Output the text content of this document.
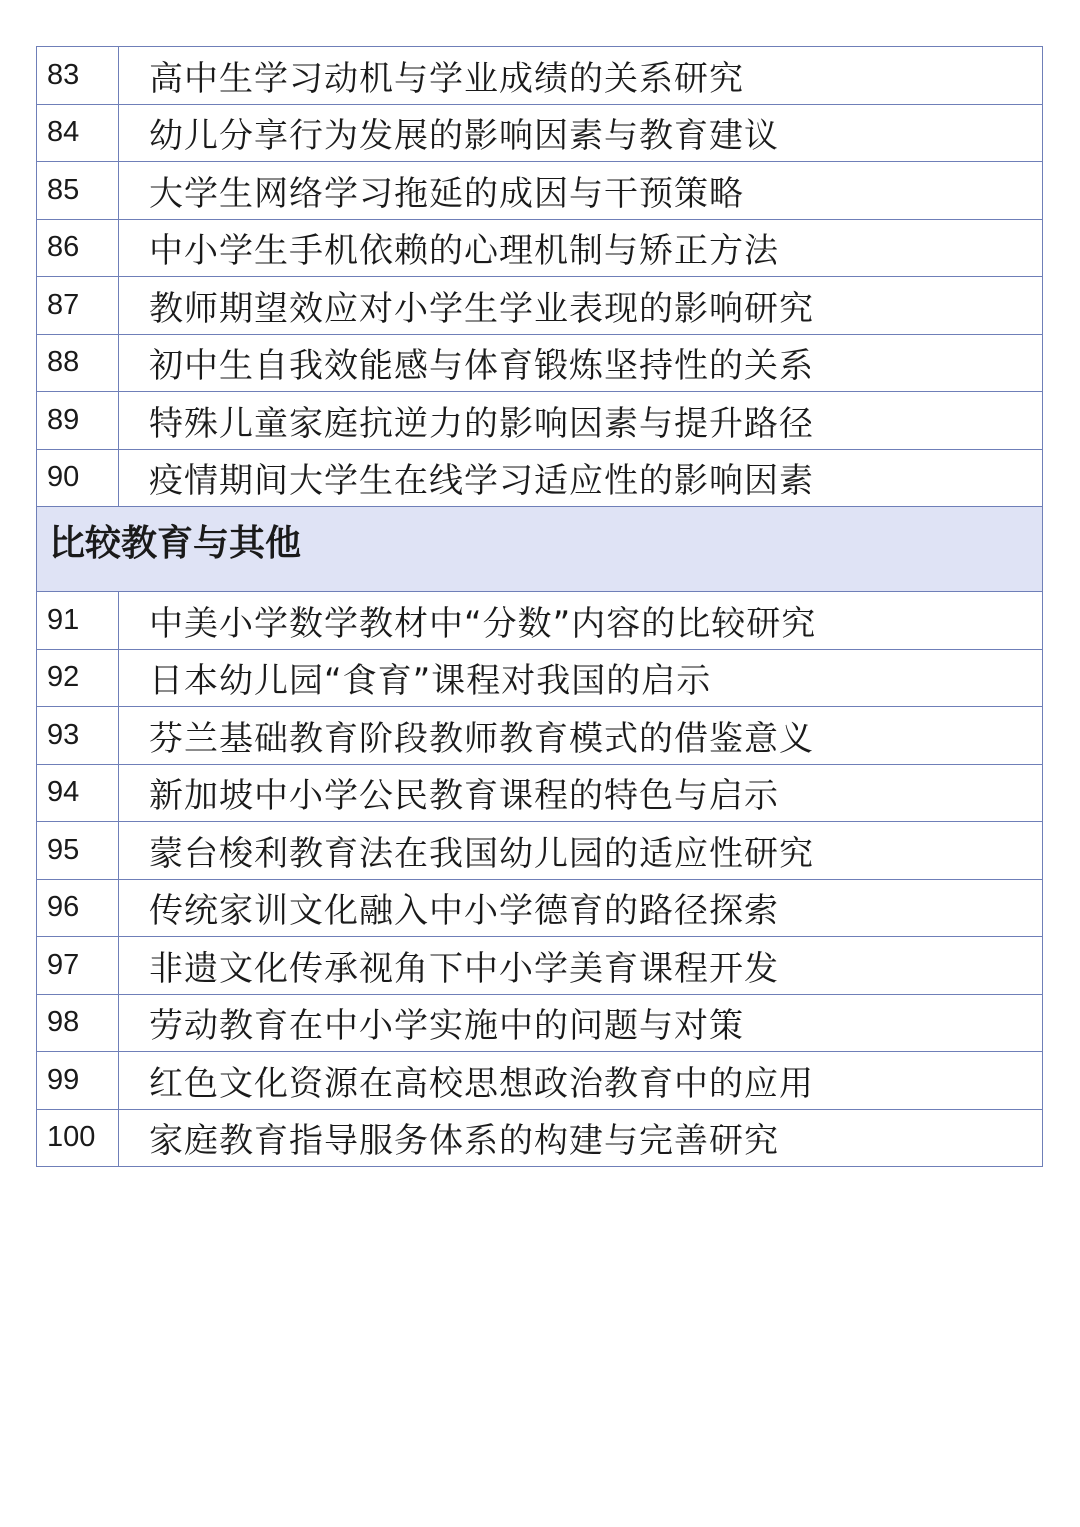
83	高中生学习动机与学业成绩的关系研究
84	幼儿分享行为发展的影响因素与教育建议
85	大学生网络学习拖延的成因与干预策略
86	中小学生手机依赖的心理机制与矫正方法
87	教师期望效应对小学生学业表现的影响研究
88	初中生自我效能感与体育锻炼坚持性的关系
89	特殊儿童家庭抗逆力的影响因素与提升路径
90	疫情期间大学生在线学习适应性的影响因素
比较教育与其他
91	中美小学数学教材中“分数”内容的比较研究
92	日本幼儿园“食育”课程对我国的启示
93	芬兰基础教育阶段教师教育模式的借鉴意义
94	新加坡中小学公民教育课程的特色与启示
95	蒙台梭利教育法在我国幼儿园的适应性研究
96	传统家训文化融入中小学德育的路径探索
97	非遗文化传承视角下中小学美育课程开发
98	劳动教育在中小学实施中的问题与对策
99	红色文化资源在高校思想政治教育中的应用
100	家庭教育指导服务体系的构建与完善研究
